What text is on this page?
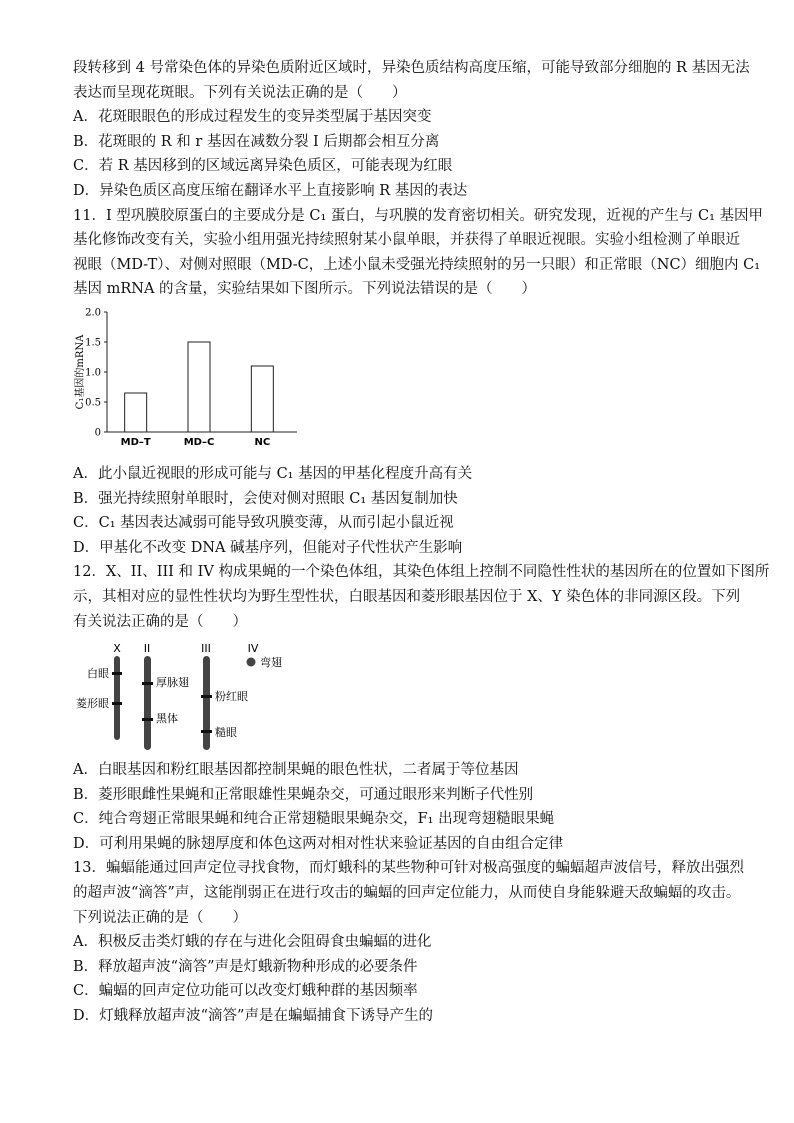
段转移到 4 号常染色体的异染色质附近区域时，异染色质结构高度压缩，可能导致部分细胞的 R 基因无法
表达而呈现花斑眼。下列有关说法正确的是（　　）
A．花斑眼眼色的形成过程发生的变异类型属于基因突变
B．花斑眼的 R 和 r 基因在减数分裂 I 后期都会相互分离
C．若 R 基因移到的区域远离异染色质区，可能表现为红眼
D．异染色质区高度压缩在翻译水平上直接影响 R 基因的表达
11．I 型巩膜胶原蛋白的主要成分是 C₁ 蛋白，与巩膜的发育密切相关。研究发现，近视的产生与 C₁ 基因甲
基化修饰改变有关，实验小组用强光持续照射某小鼠单眼，并获得了单眼近视眼。实验小组检测了单眼近
视眼（MD-T）、对侧对照眼（MD-C，上述小鼠未受强光持续照射的另一只眼）和正常眼（NC）细胞内 C₁
基因 mRNA 的含量，实验结果如下图所示。下列说法错误的是（　　）
0
0.5
1.0
1.5
2.0
C₁基因的mRNA
MD–T	MD–C	NC
A．此小鼠近视眼的形成可能与 C₁ 基因的甲基化程度升高有关
B．强光持续照射单眼时，会使对侧对照眼 C₁ 基因复制加快
C．C₁ 基因表达减弱可能导致巩膜变薄，从而引起小鼠近视
D．甲基化不改变 DNA 碱基序列，但能对子代性状产生影响
12．X、II、III 和 IV 构成果蝇的一个染色体组，其染色体组上控制不同隐性性状的基因所在的位置如下图所
示，其相对应的显性性状均为野生型性状，白眼基因和菱形眼基因位于 X、Y 染色体的非同源区段。下列
有关说法正确的是（　　）
X
白眼
菱形眼
II
厚脉翅
黑体
III
粉红眼
糙眼
IV
弯翅
A．白眼基因和粉红眼基因都控制果蝇的眼色性状，二者属于等位基因
B．菱形眼雌性果蝇和正常眼雄性果蝇杂交，可通过眼形来判断子代性别
C．纯合弯翅正常眼果蝇和纯合正常翅糙眼果蝇杂交，F₁ 出现弯翅糙眼果蝇
D．可利用果蝇的脉翅厚度和体色这两对相对性状来验证基因的自由组合定律
13．蝙蝠能通过回声定位寻找食物，而灯蛾科的某些物种可针对极高强度的蝙蝠超声波信号，释放出强烈
的超声波“滴答”声，这能削弱正在进行攻击的蝙蝠的回声定位能力，从而使自身能躲避天敌蝙蝠的攻击。
下列说法正确的是（　　）
A．积极反击类灯蛾的存在与进化会阻碍食虫蝙蝠的进化
B．释放超声波“滴答”声是灯蛾新物种形成的必要条件
C．蝙蝠的回声定位功能可以改变灯蛾种群的基因频率
D．灯蛾释放超声波“滴答”声是在蝙蝠捕食下诱导产生的
